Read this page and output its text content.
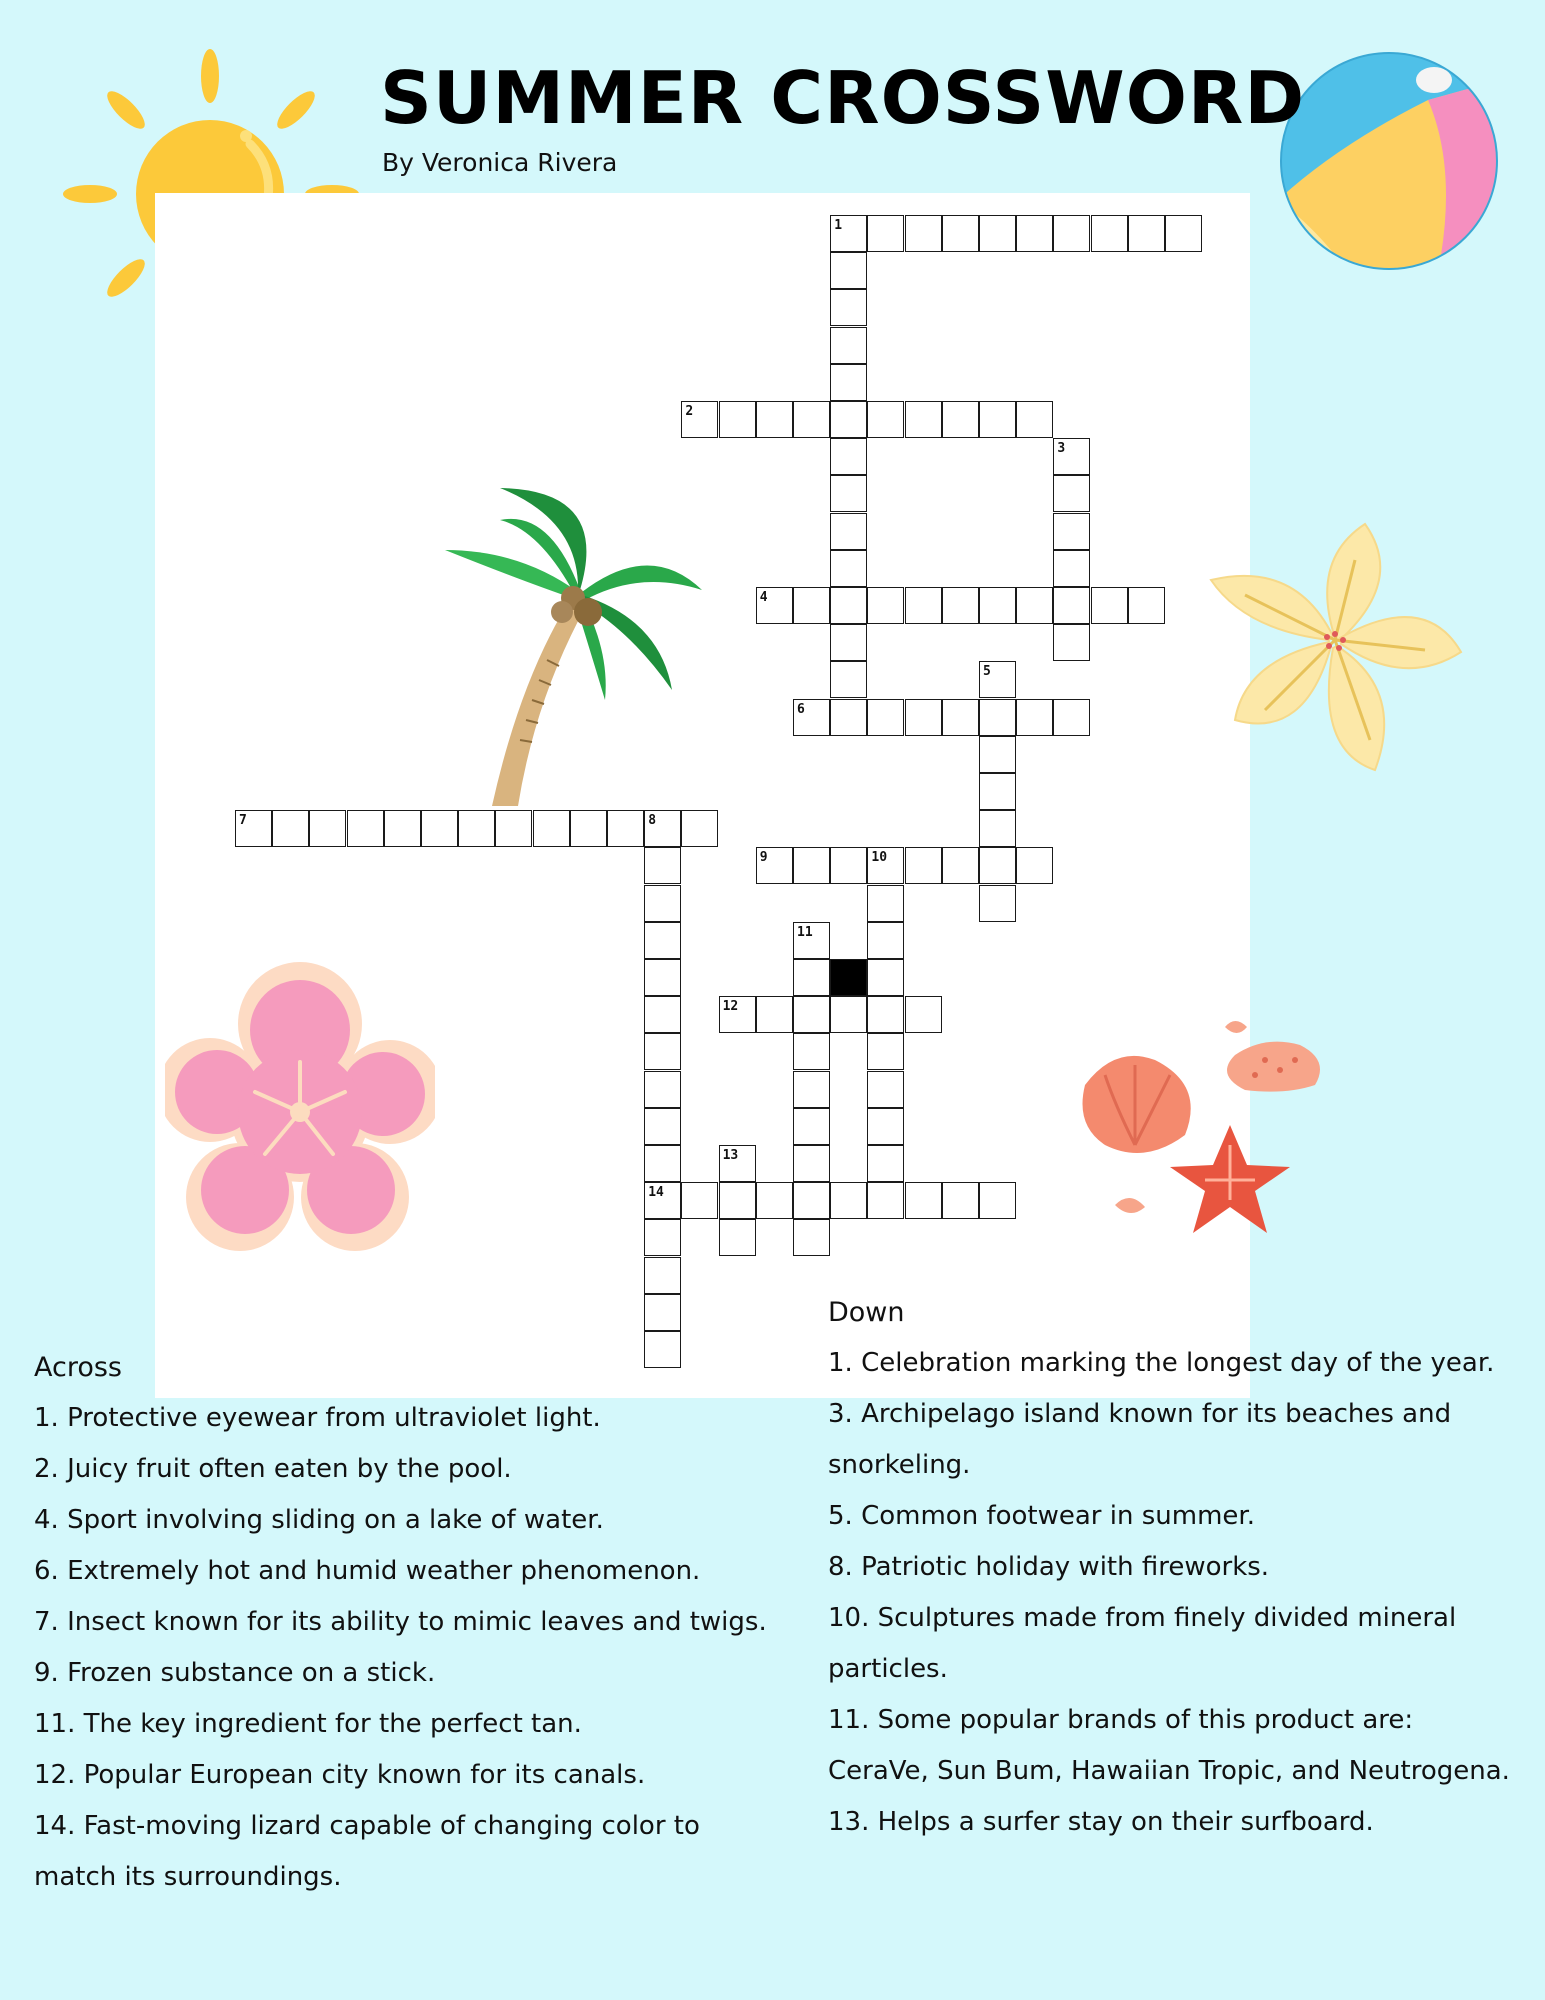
1
2
3
4
5
6
7	8
9	10
11
12
13
14
SUMMER CROSSWORD
By Veronica Rivera
Across
1. Protective eyewear from ultraviolet light.
2. Juicy fruit often eaten by the pool.
4. Sport involving sliding on a lake of water.
6. Extremely hot and humid weather phenomenon.
7. Insect known for its ability to mimic leaves and twigs.
9. Frozen substance on a stick.
11. The key ingredient for the perfect tan.
12. Popular European city known for its canals.
14. Fast-moving lizard capable of changing color to match its surroundings.
Down
1. Celebration marking the longest day of the year.
3. Archipelago island known for its beaches and snorkeling.
5. Common footwear in summer.
8. Patriotic holiday with fireworks.
10. Sculptures made from finely divided mineral particles.
11. Some popular brands of this product are: CeraVe, Sun Bum, Hawaiian Tropic, and Neutrogena.
13. Helps a surfer stay on their surfboard.
